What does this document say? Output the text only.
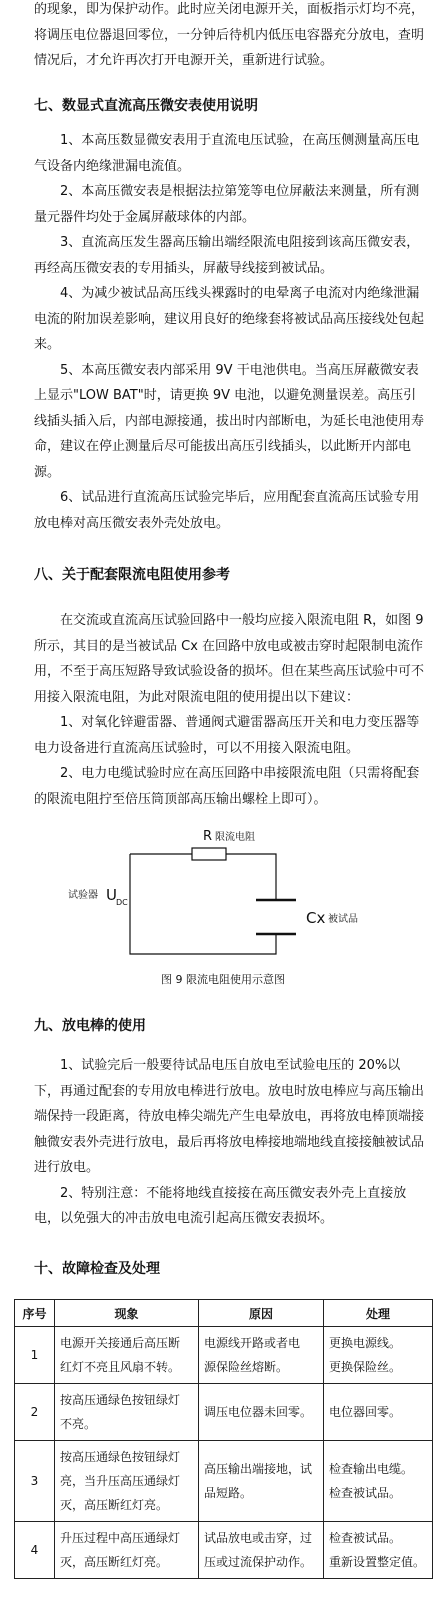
的现象，即为保护动作。此时应关闭电源开关，面板指示灯均不亮，将调压电位器退回零位，一分钟后待机内低压电容器充分放电，查明情况后，才允许再次打开电源开关，重新进行试验。

七、数显式直流高压微安表使用说明

1、本高压数显微安表用于直流电压试验，在高压侧测量高压电气设备内绝缘泄漏电流值。

2、本高压微安表是根据法拉第笼等电位屏蔽法来测量，所有测量元器件均处于金属屏蔽球体的内部。

3、直流高压发生器高压输出端经限流电阻接到该高压微安表，再经高压微安表的专用插头，屏蔽导线接到被试品。

4、为减少被试品高压线头裸露时的电晕离子电流对内绝缘泄漏电流的附加误差影响，建议用良好的绝缘套将被试品高压接线处包起来。

5、本高压微安表内部采用 9V 干电池供电。当高压屏蔽微安表上显示"LOW BAT"时，请更换 9V 电池，以避免测量误差。高压引线插头插入后，内部电源接通，拔出时内部断电，为延长电池使用寿命，建议在停止测量后尽可能拔出高压引线插头，以此断开内部电源。

6、试品进行直流高压试验完毕后，应用配套直流高压试验专用放电棒对高压微安表外壳处放电。

八、关于配套限流电阻使用参考

在交流或直流高压试验回路中一般均应接入限流电阻 R，如图 9 所示，其目的是当被试品 Cx 在回路中放电或被击穿时起限制电流作用，不至于高压短路导致试验设备的损坏。但在某些高压试验中可不用接入限流电阻，为此对限流电阻的使用提出以下建议：

1、对氧化锌避雷器、普通阀式避雷器高压开关和电力变压器等电力设备进行直流高压试验时，可以不用接入限流电阻。

2、电力电缆试验时应在高压回路中串接限流电阻（只需将配套的限流电阻拧至倍压筒顶部高压输出螺栓上即可）。

R 限流电阻
试验器 U DC
Cx 被试品
图 9 限流电阻使用示意图
九、放电棒的使用

1、试验完后一般要待试品电压自放电至试验电压的 20%以下，再通过配套的专用放电棒进行放电。放电时放电棒应与高压输出端保持一段距离，待放电棒尖端先产生电晕放电，再将放电棒顶端接触微安表外壳进行放电，最后再将放电棒接地端地线直接接触被试品进行放电。

2、特别注意：不能将地线直接接在高压微安表外壳上直接放电，以免强大的冲击放电电流引起高压微安表损坏。

十、故障检查及处理
序号	现象	原因	处理
1	电源开关接通后高压断
红灯不亮且风扇不转。	电源线开路或者电
源保险丝熔断。	更换电源线。
更换保险丝。

2	按高压通绿色按钮绿灯
不亮。	调压电位器未回零。	电位器回零。

3	按高压通绿色按钮绿灯
亮，当升压高压通绿灯
灭，高压断红灯亮。	高压输出端接地，试
品短路。	检查输出电缆。
检查被试品。

4	升压过程中高压通绿灯
灭，高压断红灯亮。	试品放电或击穿，过
压或过流保护动作。	检查被试品。
重新设置整定值。
